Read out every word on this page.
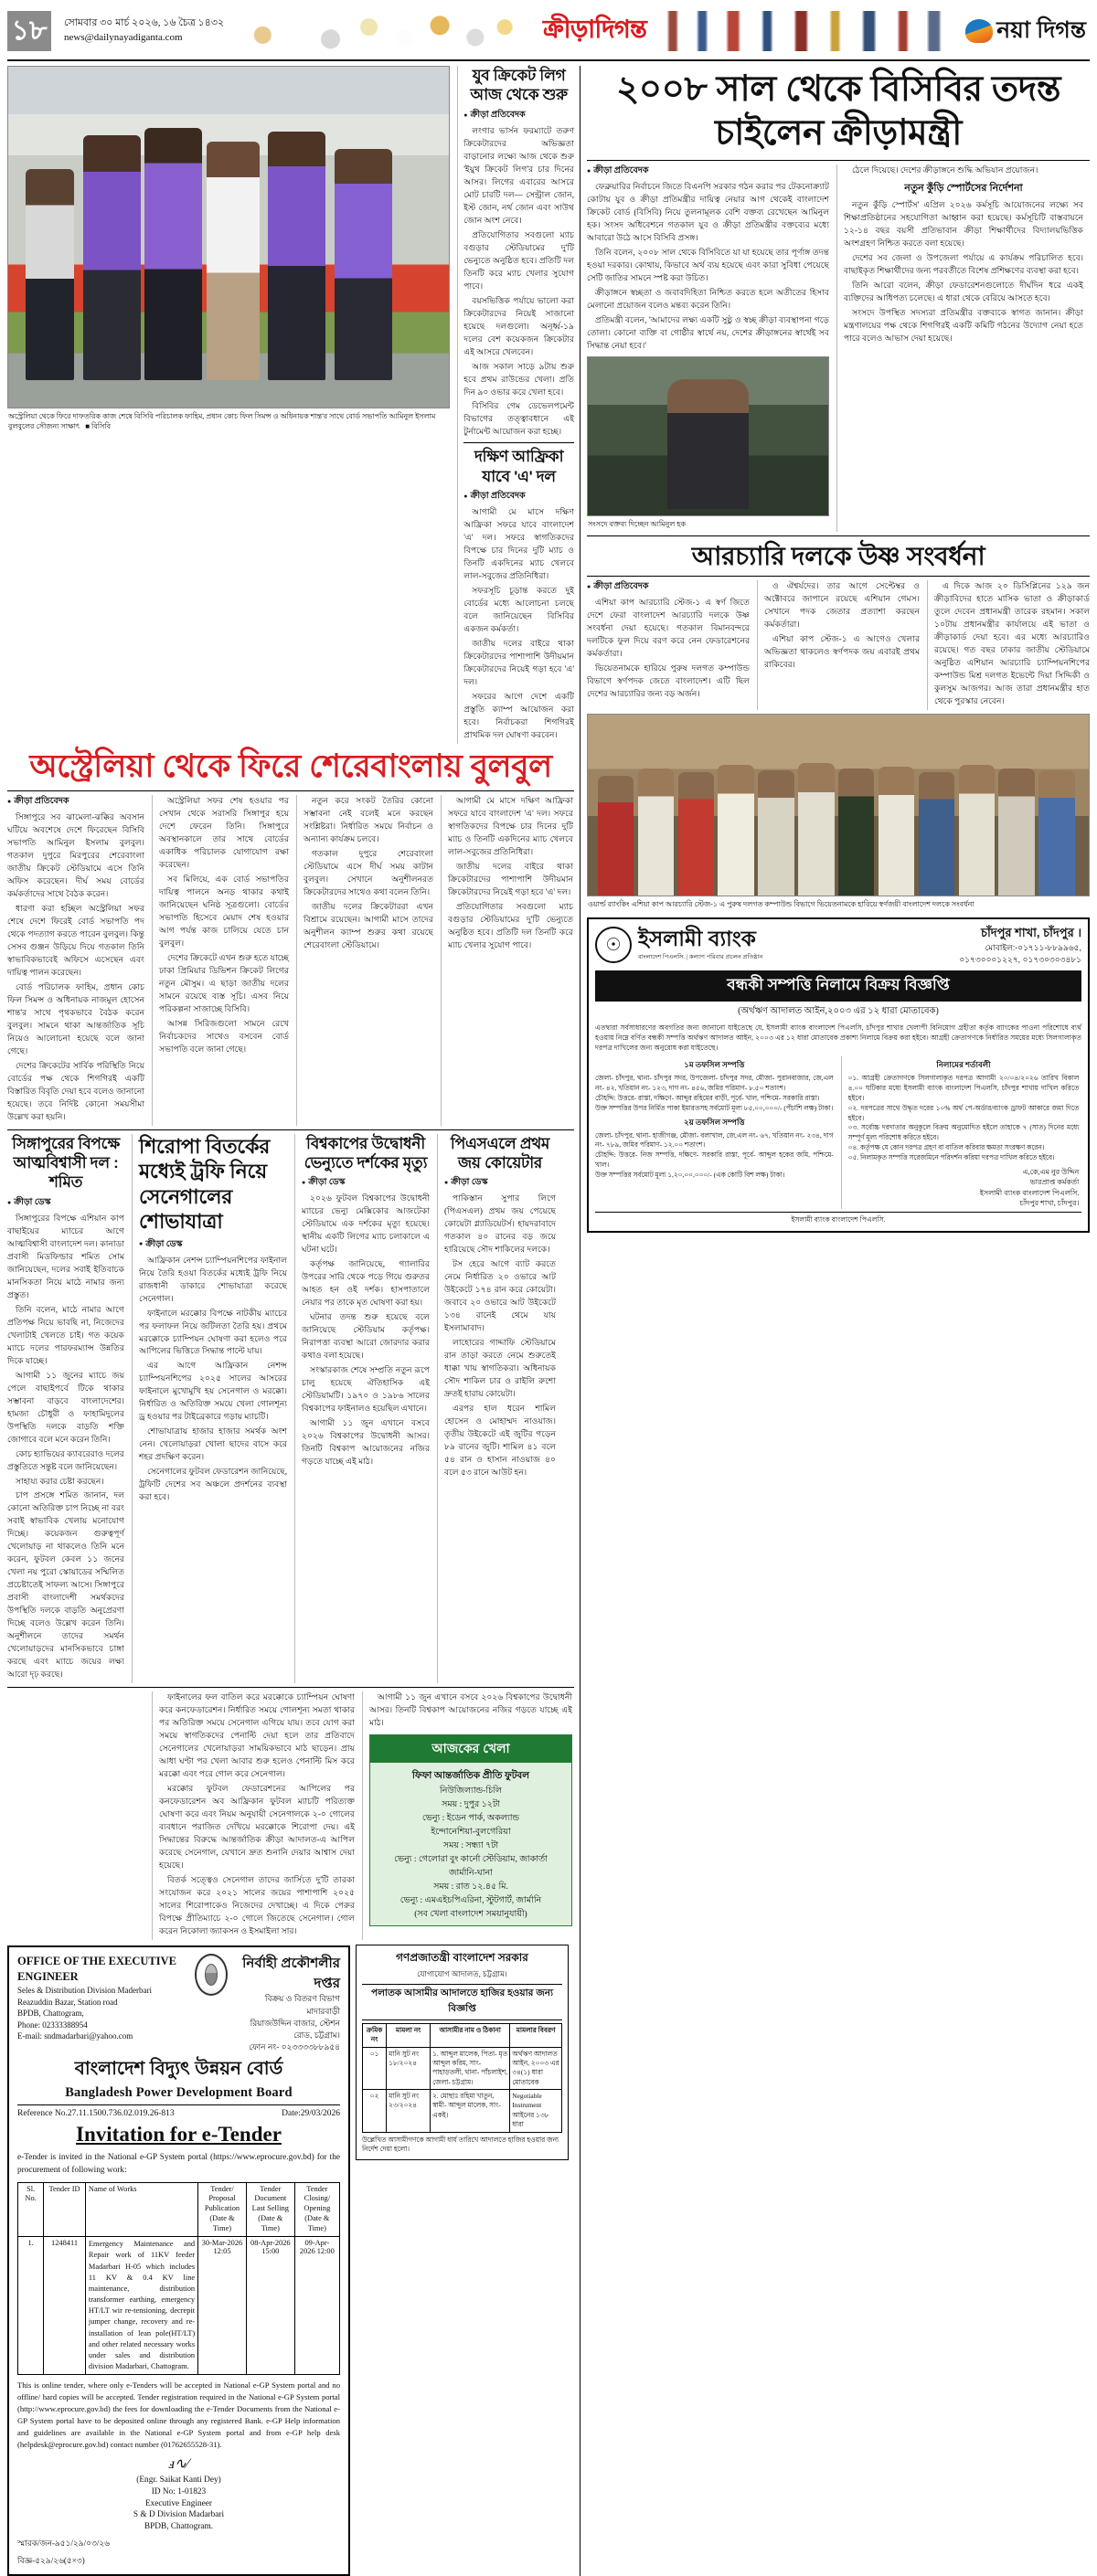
১৮	সোমবার ৩০ মার্চ ২০২৬, ১৬ চৈত্র ১৪৩২
news@dailynayadiganta.com	ক্রীড়াদিগন্ত	নয়া দিগন্ত
অস্ট্রেলিয়া থেকে ফিরে দাফতরিক কাজ শেষে বিসিবি পরিচালক ফাহিম, প্রধান কোচ ফিল সিমন্স ও অধিনায়ক শান্ত'র সাথে বোর্ড সভাপতি আমিনুল ইসলাম বুলবুলের সৌজন্য সাক্ষাৎ ■ বিসিবি
যুব ক্রিকেট লিগ আজ থেকে শুরু
● ক্রীড়া প্রতিবেদক

লংগার ভার্সন ফরম্যাটে তরুণ ক্রিকেটারদের অভিজ্ঞতা বাড়ানোর লক্ষ্যে আজ থেকে শুরু 'ইয়ুথ ক্রিকেট লিগ'র চার দিনের আসর। লিগের এবারের আসরে মোট চারটি দল— সেন্ট্রাল জোন, ইস্ট জোন, নর্থ জোন এবং সাউথ জোন অংশ নেবে।

প্রতিযোগিতার সবগুলো ম্যাচ বগুড়ার স্টেডিয়ামের দু'টি ভেন্যুতে অনুষ্ঠিত হবে। প্রতিটি দল তিনটি করে ম্যাচ খেলার সুযোগ পাবে।

বয়সভিত্তিক পর্যায়ে ভালো করা ক্রিকেটারদের নিয়েই সাজানো হয়েছে দলগুলো। অনূর্ধ্ব-১৯ দলের বেশ কয়েকজন ক্রিকেটার এই আসরে খেলবেন।

আজ সকাল সাড়ে ৯টায় শুরু হবে প্রথম রাউন্ডের খেলা। প্রতি দিন ৯০ ওভার করে খেলা হবে।

বিসিবির গেম ডেভেলপমেন্ট বিভাগের তত্ত্বাবধানে এই টুর্নামেন্ট আয়োজন করা হচ্ছে।

দক্ষিণ আফ্রিকা যাবে 'এ' দল
● ক্রীড়া প্রতিবেদক

আগামী মে মাসে দক্ষিণ আফ্রিকা সফরে যাবে বাংলাদেশ 'এ' দল। সফরে স্বাগতিকদের বিপক্ষে চার দিনের দুটি ম্যাচ ও তিনটি একদিনের ম্যাচ খেলবে লাল-সবুজের প্রতিনিধিরা।

সফরসূচি চূড়ান্ত করতে দুই বোর্ডের মধ্যে আলোচনা চলছে বলে জানিয়েছেন বিসিবির একজন কর্মকর্তা।

জাতীয় দলের বাইরে থাকা ক্রিকেটারদের পাশাপাশি উদীয়মান ক্রিকেটারদের নিয়েই গড়া হবে 'এ' দল।

সফরের আগে দেশে একটি প্রস্তুতি ক্যাম্প আয়োজন করা হবে। নির্বাচকরা শিগগিরই প্রাথমিক দল ঘোষণা করবেন।

অস্ট্রেলিয়া থেকে ফিরে শেরেবাংলায় বুলবুল
● ক্রীড়া প্রতিবেদক

সিঙ্গাপুরে সব ঝামেলা-ঝক্কির অবসান ঘটিয়ে অবশেষে দেশে ফিরেছেন বিসিবি সভাপতি আমিনুল ইসলাম বুলবুল। গতকাল দুপুরে মিরপুরের শেরেবাংলা জাতীয় ক্রিকেট স্টেডিয়ামে এসে তিনি অফিস করেছেন। দীর্ঘ সময় বোর্ডের কর্মকর্তাদের সাথে বৈঠক করেন।

ধারণা করা হচ্ছিল অস্ট্রেলিয়া সফর শেষে দেশে ফিরেই বোর্ড সভাপতি পদ থেকে পদত্যাগ করতে পারেন বুলবুল। কিন্তু সেসব গুঞ্জন উড়িয়ে দিয়ে গতকাল তিনি স্বাভাবিকভাবেই অফিসে এসেছেন এবং দায়িত্ব পালন করেছেন।

বোর্ড পরিচালক ফাহিম, প্রধান কোচ ফিল সিমন্স ও অধিনায়ক নাজমুল হোসেন শান্ত'র সাথে পৃথকভাবে বৈঠক করেন বুলবুল। সামনে থাকা আন্তর্জাতিক সূচি নিয়েও আলোচনা হয়েছে বলে জানা গেছে।

দেশের ক্রিকেটের সার্বিক পরিস্থিতি নিয়ে বোর্ডের পক্ষ থেকে শিগগিরই একটি বিস্তারিত বিবৃতি দেয়া হবে বলেও জানানো হয়েছে। তবে নির্দিষ্ট কোনো সময়সীমা উল্লেখ করা হয়নি।

অস্ট্রেলিয়া সফর শেষ হওয়ার পর সেখান থেকে সরাসরি সিঙ্গাপুর হয়ে দেশে ফেরেন তিনি। সিঙ্গাপুরে অবস্থানকালে তার সাথে বোর্ডের একাধিক পরিচালক যোগাযোগ রক্ষা করেছেন।

সব মিলিয়ে, এক বোর্ড সভাপতির দায়িত্ব পালনে অনড় থাকার কথাই জানিয়েছেন ঘনিষ্ঠ সূত্রগুলো। বোর্ডের সভাপতি হিসেবে মেয়াদ শেষ হওয়ার আগ পর্যন্ত কাজ চালিয়ে যেতে চান বুলবুল।

দেশের ক্রিকেটে এখন শুরু হতে যাচ্ছে ঢাকা প্রিমিয়ার ডিভিশন ক্রিকেট লিগের নতুন মৌসুম। এ ছাড়া জাতীয় দলের সামনে রয়েছে ব্যস্ত সূচি। এসব নিয়ে পরিকল্পনা সাজাচ্ছে বিসিবি।

আসন্ন সিরিজগুলো সামনে রেখে নির্বাচকদের সাথেও বসবেন বোর্ড সভাপতি বলে জানা গেছে।

নতুন করে সংকট তৈরির কোনো সম্ভাবনা নেই বলেই মনে করছেন সংশ্লিষ্টরা। নির্ধারিত সময়ে নির্বাচন ও অন্যান্য কার্যক্রম চলবে।

গতকাল দুপুরে শেরেবাংলা স্টেডিয়ামে এসে দীর্ঘ সময় কাটান বুলবুল। সেখানে অনুশীলনরত ক্রিকেটারদের সাথেও কথা বলেন তিনি।

জাতীয় দলের ক্রিকেটাররা এখন বিশ্রামে রয়েছেন। আগামী মাসে তাদের অনুশীলন ক্যাম্প শুরুর কথা রয়েছে শেরেবাংলা স্টেডিয়ামে।

আগামী মে মাসে দক্ষিণ আফ্রিকা সফরে যাবে বাংলাদেশ 'এ' দল। সফরে স্বাগতিকদের বিপক্ষে চার দিনের দুটি ম্যাচ ও তিনটি একদিনের ম্যাচ খেলবে লাল-সবুজের প্রতিনিধিরা।

জাতীয় দলের বাইরে থাকা ক্রিকেটারদের পাশাপাশি উদীয়মান ক্রিকেটারদের নিয়েই গড়া হবে 'এ' দল।

প্রতিযোগিতার সবগুলো ম্যাচ বগুড়ার স্টেডিয়ামের দু'টি ভেন্যুতে অনুষ্ঠিত হবে। প্রতিটি দল তিনটি করে ম্যাচ খেলার সুযোগ পাবে।

সিঙ্গাপুরের বিপক্ষে আত্মবিশ্বাসী দল : শমিত
● ক্রীড়া ডেস্ক

সিঙ্গাপুরের বিপক্ষে এশিয়ান কাপ বাছাইয়ের ম্যাচের আগে আত্মবিশ্বাসী বাংলাদেশ দল। কানাডা প্রবাসী মিডফিল্ডার শমিত সোম জানিয়েছেন, দলের সবাই ইতিবাচক মানসিকতা নিয়ে মাঠে নামার জন্য প্রস্তুত।

তিনি বলেন, মাঠে নামার আগে প্রতিপক্ষ নিয়ে ভাবছি না, নিজেদের খেলাটাই খেলতে চাই। গত কয়েক ম্যাচে দলের পারফরম্যান্স উন্নতির দিকে যাচ্ছে।

আগামী ১১ জুনের ম্যাচে জয় পেলে বাছাইপর্বে টিকে থাকার সম্ভাবনা বাড়বে বাংলাদেশের। হামজা চৌধুরী ও ফাহামিদুলের উপস্থিতি দলকে বাড়তি শক্তি জোগাবে বলে মনে করেন তিনি।

কোচ হ্যাভিয়ের ক্যাবরেরাও দলের প্রস্তুতিতে সন্তুষ্ট বলে জানিয়েছেন।

সাহায্য করার চেষ্টা করছেন।

চাপ প্রসঙ্গে শমিত জানান, দল কোনো অতিরিক্ত চাপ নিচ্ছে না বরং সবাই স্বাভাবিক খেলায় মনোযোগ দিচ্ছে। কয়েকজন গুরুত্বপূর্ণ খেলোয়াড় না থাকলেও তিনি মনে করেন, ফুটবল কেবল ১১ জনের খেলা নয় পুরো স্কোয়াডের সম্মিলিত প্রচেষ্টাতেই সাফল্য আসে। সিঙ্গাপুরে প্রবাসী বাংলাদেশী সমর্থকদের উপস্থিতি দলকে বাড়তি অনুপ্রেরণা দিচ্ছে বলেও উল্লেখ করেন তিনি। অনুশীলনে তাদের সমর্থন খেলোয়াড়দের মানসিকভাবে চাঙ্গা করছে এবং ম্যাচে জয়ের লক্ষ্য আরো দৃঢ় করছে।

শিরোপা বিতর্কের মধ্যেই ট্রফি নিয়ে সেনেগালের শোভাযাত্রা
● ক্রীড়া ডেস্ক

আফ্রিকান নেশন্স চ্যাম্পিয়নশিপের ফাইনাল নিয়ে তৈরি হওয়া বিতর্কের মধ্যেই ট্রফি নিয়ে রাজধানী ডাকারে শোভাযাত্রা করেছে সেনেগাল।

ফাইনালে মরক্কোর বিপক্ষে নাটকীয় ম্যাচের পর ফলাফল নিয়ে জটিলতা তৈরি হয়। প্রথমে মরক্কোকে চ্যাম্পিয়ন ঘোষণা করা হলেও পরে আপিলের ভিত্তিতে সিদ্ধান্ত পাল্টে যায়।

এর আগে আফ্রিকান নেশন্স চ্যাম্পিয়নশিপের ২০২৫ সালের আসরের ফাইনালে মুখোমুখি হয় সেনেগাল ও মরক্কো। নির্ধারিত ও অতিরিক্ত সময়ে খেলা গোলশূন্য ড্র হওয়ার পর টাইব্রেকারে গড়ায় ম্যাচটি।

শোভাযাত্রায় হাজার হাজার সমর্থক অংশ নেন। খেলোয়াড়রা খোলা ছাদের বাসে করে শহর প্রদক্ষিণ করেন।

সেনেগালের ফুটবল ফেডারেশন জানিয়েছে, ট্রফিটি দেশের সব অঞ্চলে প্রদর্শনের ব্যবস্থা করা হবে।

বিশ্বকাপের উদ্বোধনী ভেন্যুতে দর্শকের মৃত্যু
● ক্রীড়া ডেস্ক

২০২৬ ফুটবল বিশ্বকাপের উদ্বোধনী ম্যাচের ভেন্যু মেক্সিকোর আজটেকা স্টেডিয়ামে এক দর্শকের মৃত্যু হয়েছে। স্থানীয় একটি লিগের ম্যাচ চলাকালে এ ঘটনা ঘটে।

কর্তৃপক্ষ জানিয়েছে, গ্যালারির উপরের সারি থেকে পড়ে গিয়ে গুরুতর আহত হন ওই দর্শক। হাসপাতালে নেয়ার পর তাকে মৃত ঘোষণা করা হয়।

ঘটনার তদন্ত শুরু হয়েছে বলে জানিয়েছে স্টেডিয়াম কর্তৃপক্ষ। নিরাপত্তা ব্যবস্থা আরো জোরদার করার কথাও বলা হয়েছে।

সংস্কারকাজ শেষে সম্প্রতি নতুন রূপে চালু হয়েছে ঐতিহাসিক এই স্টেডিয়ামটি। ১৯৭০ ও ১৯৮৬ সালের বিশ্বকাপের ফাইনালও হয়েছিল এখানে।

আগামী ১১ জুন এখানে বসবে ২০২৬ বিশ্বকাপের উদ্বোধনী আসর। তিনটি বিশ্বকাপ আয়োজনের নজির গড়তে যাচ্ছে এই মাঠ।

পিএসএলে প্রথম জয় কোয়েটার
● ক্রীড়া ডেস্ক

পাকিস্তান সুপার লিগে (পিএসএল) প্রথম জয় পেয়েছে কোয়েটা গ্ল্যাডিয়েটর্স। হায়দরাবাদে গতকাল ৪০ রানের বড় জয়ে হারিয়েছে সৌদ শাকিলের দলকে।

টস হেরে আগে ব্যাট করতে নেমে নির্ধারিত ২০ ওভারে আট উইকেটে ১৭৪ রান করে কোয়েটা। জবাবে ২০ ওভারে আট উইকেটে ১৩৪ রানেই থেমে যায় ইসলামাবাদ।

লাহোরের গাদ্দাফি স্টেডিয়ামে রান তাড়া করতে নেমে শুরুতেই ধাক্কা খায় স্বাগতিকরা। অধিনায়ক সৌদ শাকিল চার ও রাইলি রুশো দ্রুতই হারায় কোয়েটা।

এরপর হাল ধরেন শামিল হোসেন ও মোহাম্মদ নাওয়াজ। তৃতীয় উইকেটে এই জুটির গড়েন ৮৯ রানের জুটি। শামিল ৪১ বলে ৫৪ রান ও হাসান নাওয়াজ ৪০ বলে ৫৩ রানে আউট হন।

ফাইনালের ফল বাতিল করে মরক্কোকে চ্যাম্পিয়ন ঘোষণা করে কনফেডারেশন। নির্ধারিত সময়ে গোলশূন্য সমতা থাকার পর অতিরিক্ত সময়ে সেনেগাল এগিয়ে যায়। তবে যোগ করা সময়ে স্বাগতিকদের পেনাল্টি দেয়া হলে তার প্রতিবাদে সেনেগালের খেলোয়াড়রা সাময়িকভাবে মাঠ ছাড়েন। প্রায় আধা ঘণ্টা পর খেলা আবার শুরু হলেও পেনাল্টি মিস করে মরক্কো এবং পরে গোল করে সেনেগাল।

মরক্কোর ফুটবল ফেডারেশনের আপিলের পর কনফেডারেশন অব আফ্রিকান ফুটবল ম্যাচটি পরিত্যক্ত ঘোষণা করে এবং নিয়ম অনুযায়ী সেনেগালকে ২-০ গোলের ব্যবধানে পরাজিত দেখিয়ে মরক্কোকে শিরোপা দেয়। এই সিদ্ধান্তের বিরুদ্ধে আন্তর্জাতিক ক্রীড়া আদালত-এ আপিল করেছে সেনেগাল, যেখানে দ্রুত শুনানি দেয়ার আশ্বাস দেয়া হয়েছে।

বিতর্ক সত্ত্বেও সেনেগাল তাদের জার্সিতে দু'টি তারকা সংযোজন করে ২০২১ সালের জয়ের পাশাপাশি ২০২৫ সালের শিরোপাকেও নিজেদের দেখাচ্ছে। এ দিকে পেরুর বিপক্ষে প্রীতিম্যাচে ২-০ গোলে জিতেছে সেনেগাল। গোল করেন নিকোলা জ্যাকসন ও ইসমাইলা সার।

আগামী ১১ জুন এখানে বসবে ২০২৬ বিশ্বকাপের উদ্বোধনী আসর। তিনটি বিশ্বকাপ আয়োজনের নজির গড়তে যাচ্ছে এই মাঠ।

আজকের খেলা
ফিফা আন্তর্জাতিক প্রীতি ফুটবল
নিউজিল্যান্ড-চিলি
সময় : দুপুর ১২টা
ভেন্যু : ইডেন পার্ক, অকল্যান্ড
ইন্দোনেশিয়া-বুলগেরিয়া
সময় : সন্ধ্যা ৭টা
ভেন্যু : গেলোরা বুং কার্নো স্টেডিয়াম, জাকার্তা
জার্মানি-ঘানা
সময় : রাত ১২.৪৫ মি.
ভেন্যু : এমএইচপিএরিনা, স্টুটগার্ট, জার্মানি
(সব খেলা বাংলাদেশ সময়ানুযায়ী)
OFFICE OF THE EXECUTIVE ENGINEER
Seles & Distribution Division Maderbari
Reazuddin Bazar, Station road
BPDB, Chattogram,
Phone: 02333388954
E-mail: sndmadarbari@yahoo.com
নির্বাহী প্রকৌশলীর দপ্তর
বিক্রয় ও বিতরণ বিভাগ মাদারবাড়ী
রিয়াজউদ্দিন বাজার, স্টেশন রোড, চট্টগ্রাম।
ফোন নং- ০২৩৩৩৩৮৮৯৫৪
বাংলাদেশ বিদ্যুৎ উন্নয়ন বোর্ড
Bangladesh Power Development Board
Reference No.27.11.1500.736.02.019.26-813	Date:29/03/2026
Invitation for e-Tender
e-Tender is invited in the National e-GP System portal (https://www.eprocure.gov.bd) for the procurement of following work:
Sl. No.	Tender ID	Name of Works	Tender/ Proposal Publication (Date & Time)	Tender Document Last Selling (Date & Time)	Tender Closing/ Opening (Date & Time)
1.	1248411	Emergency Maintenance and Repair work of 11KV feeder Madarbari H-05 which includes 11 KV & 0.4 KV line maintenance, distribution transformer earthing, emergency HT/LT wir re-tensioning, decrepit jumper change, recovery and re-installation of lean pole(HT/LT) and other related necessary works under sales and distribution division Madarbari, Chattogram.	30-Mar-2026 12:05	08-Apr-2026 15:00	09-Apr-2026 12:00
This is online tender, where only e-Tenders will be accepted in National e-GP System portal and no offline/ hard copies will be accepted. Tender registration required in the National e-GP System portal (http://www.eprocure.gov.bd) the fees for downloading the e-Tender Documents from the National e-GP System portal have to be deposited online through any registered Bank. e-GP Help information and guidelines are available in the National e-GP System portal and from e-GP help desk (helpdesk@eprocure.gov.bd) contact number (01762655528-31).
ⅎ∿⁄
(Engr. Saikat Kanti Dey)
ID No: 1-01823
Executive Engineer
S & D Division Madarbari
BPDB, Chattogram.
স্মারক/জন-৯৫১/২৯/০৩/২৬
বিজ্ঞ-৫২৯/২৬(৫×৩)
গণপ্রজাতন্ত্রী বাংলাদেশ সরকার
যোগাযোগ আদালত, চট্টগ্রাম।
পলাতক আসামীর আদালতে হাজির হওয়ার জন্য বিজ্ঞপ্তি
ক্রমিক নং	মামলা নং	আসামীর নাম ও ঠিকানা	মামলার বিবরণ
০১	মানি সুট নং ১৮/২০২৪	১. আব্দুল মালেক, পিতা- মৃত আব্দুল করিম, সাং- পাহাড়তলী, থানা- পাঁচলাইশ, জেলা- চট্টগ্রাম।	অর্থঋণ আদালত আইন, ২০০৩ এর ৩৪(১) ধারা মোতাবেক
০২	মানি সুট নং ২৩/২০২৪	২. মোছাঃ রহিমা খাতুন, স্বামী- আব্দুল মালেক, সাং- একই।	Negotiable Instrument আইনের ১৩৮ ধারা
উল্লেখিত আসামীগণকে আগামী ধার্য তারিখে আদালতে হাজির হওয়ার জন্য নির্দেশ দেয়া হলো।
২০০৮ সাল থেকে বিসিবির তদন্ত চাইলেন ক্রীড়ামন্ত্রী
● ক্রীড়া প্রতিবেদক

ফেব্রুয়ারির নির্বাচনে জিতে বিএনপি সরকার গঠন করার পর টেকনোক্র্যাট কোটায় যুব ও ক্রীড়া প্রতিমন্ত্রীর দায়িত্ব নেয়ার আগ থেকেই বাংলাদেশ ক্রিকেট বোর্ড (বিসিবি) নিয়ে তুলনামূলক বেশি বক্তব্য রেখেছেন আমিনুল হক। সংসদ অধিবেশনে গতকাল যুব ও ক্রীড়া প্রতিমন্ত্রীর বক্তব্যের মধ্যে আবারো উঠে আসে বিসিবি প্রসঙ্গ।

তিনি বলেন, ২০০৮ সাল থেকে বিসিবিতে যা যা হয়েছে তার পূর্ণাঙ্গ তদন্ত হওয়া দরকার। কোথায়, কিভাবে অর্থ ব্যয় হয়েছে এবং কারা সুবিধা পেয়েছে সেটি জাতির সামনে স্পষ্ট করা উচিত।

ক্রীড়াঙ্গনে স্বচ্ছতা ও জবাবদিহিতা নিশ্চিত করতে হলে অতীতের হিসাব মেলানো প্রয়োজন বলেও মন্তব্য করেন তিনি।

প্রতিমন্ত্রী বলেন, 'আমাদের লক্ষ্য একটি সুষ্ঠু ও স্বচ্ছ ক্রীড়া ব্যবস্থাপনা গড়ে তোলা। কোনো ব্যক্তি বা গোষ্ঠীর স্বার্থে নয়, দেশের ক্রীড়াঙ্গনের স্বার্থেই সব সিদ্ধান্ত নেয়া হবে।'

সংসদে বক্তব্য দিচ্ছেন আমিনুল হক

ঠেলে দিয়েছে। দেশের ক্রীড়াঙ্গনে শুদ্ধি অভিযান প্রয়োজন।

নতুন কুঁড়ি স্পোর্টসের নির্দেশনা

নতুন কুঁড়ি স্পোর্টস' এপ্রিল ২০২৬ কর্মসূচি আয়োজনের লক্ষ্যে সব শিক্ষাপ্রতিষ্ঠানের সহযোগিতা আহ্বান করা হয়েছে। কর্মসূচিটি বাস্তবায়নে ১২-১৪ বছর বয়সী প্রতিভাবান ক্রীড়া শিক্ষার্থীদের বিদ্যালয়ভিত্তিক অংশগ্রহণ নিশ্চিত করতে বলা হয়েছে।

দেশের সব জেলা ও উপজেলা পর্যায়ে এ কার্যক্রম পরিচালিত হবে। বাছাইকৃত শিক্ষার্থীদের জন্য পরবর্তীতে বিশেষ প্রশিক্ষণের ব্যবস্থা করা হবে।

তিনি আরো বলেন, ক্রীড়া ফেডারেশনগুলোতে দীর্ঘদিন ধরে একই ব্যক্তিদের আধিপত্য চলেছে। এ ধারা থেকে বেরিয়ে আসতে হবে।

সংসদে উপস্থিত সদস্যরা প্রতিমন্ত্রীর বক্তব্যকে স্বাগত জানান। ক্রীড়া মন্ত্রণালয়ের পক্ষ থেকে শিগগিরই একটি কমিটি গঠনের উদ্যোগ নেয়া হতে পারে বলেও আভাস দেয়া হয়েছে।

আরচ্যারি দলকে উষ্ণ সংবর্ধনা
● ক্রীড়া প্রতিবেদক

এশিয়া কাপ আরচ্যারি স্টেজ-১ এ স্বর্ণ জিতে দেশে ফেরা বাংলাদেশ আরচ্যারি দলকে উষ্ণ সংবর্ধনা দেয়া হয়েছে। গতকাল বিমানবন্দরে দলটিকে ফুল দিয়ে বরণ করে নেন ফেডারেশনের কর্মকর্তারা।

ভিয়েতনামকে হারিয়ে পুরুষ দলগত কম্পাউন্ড বিভাগে স্বর্ণপদক জেতে বাংলাদেশ। এটি ছিল দেশের আরচ্যারির জন্য বড় অর্জন।

ও ঐশ্বর্যদের। তার আগে সেপ্টেম্বর ও অক্টোবরে জাপানে রয়েছে এশিয়ান গেমস। সেখানে পদক জেতার প্রত্যাশা করছেন কর্মকর্তারা।

এশিয়া কাপ স্টেজ-১ এ আগেও খেলার অভিজ্ঞতা থাকলেও স্বর্ণপদক জয় এবারই প্রথম রাকিবের।

এ দিকে আজ ২০ ডিসিপ্লিনের ১২৯ জন ক্রীড়াবিদের হাতে মাসিক ভাতা ও ক্রীড়াকার্ড তুলে দেবেন প্রধানমন্ত্রী তারেক রহমান। সকাল ১০টায় প্রধানমন্ত্রীর কার্যালয়ে এই ভাতা ও ক্রীড়াকার্ড দেয়া হবে। এর মধ্যে আরচ্যারিও রয়েছে। গত বছর ঢাকার জাতীয় স্টেডিয়ামে অনুষ্ঠিত এশিয়ান আরচ্যারি চ্যাম্পিয়নশিপের কম্পাউন্ড মিশ্র দলগত ইভেন্টে দিয়া সিদ্দিকী ও কুলসুম আজগর। আজ তারা প্রধানমন্ত্রীর হাত থেকে পুরস্কার নেবেন।

ওয়ার্ল্ড র‌্যাংকিং এশিয়া কাপ আরচ্যারি স্টেজ-১ এ পুরুষ দলগত কম্পাউন্ড বিভাগে ভিয়েতনামকে হারিয়ে স্বর্ণজয়ী বাংলাদেশ দলকে সংবর্ধনা
☉ ইসলামী ব্যাংক
বাংলাদেশ পিএলসি. | কল্যাণ পরিবার প্রচলন প্রতিষ্ঠান
চাঁদপুর শাখা, চাঁদপুর ।
মোবাইল:-০১৭১১-৮৮৯৯৬৫,
০১৭৩০০০১২২৭, ০১৭৩০৩০৩৪৮১
বন্ধকী সম্পত্তি নিলামে বিক্রয় বিজ্ঞপ্তি
(অর্থঋণ আদালত আইন,২০০৩ এর ১২ ধারা মোতাবেক)
এতদ্বারা সর্বসাধারণের অবগতির জন্য জানানো যাইতেছে যে, ইসলামী ব্যাংক বাংলাদেশ পিএলসি, চাঁদপুর শাখার খেলাপী বিনিয়োগ গ্রহীতা কর্তৃক ব্যাংকের পাওনা পরিশোধে ব্যর্থ হওয়ায় নিম্নে বর্ণিত বন্ধকী সম্পত্তি অর্থঋণ আদালত আইন, ২০০৩ এর ১২ ধারা মোতাবেক প্রকাশ্য নিলামে বিক্রয় করা হইবে। আগ্রহী ক্রেতাগণকে নির্ধারিত সময়ের মধ্যে সিলগালাকৃত দরপত্র দাখিলের জন্য অনুরোধ করা যাইতেছে।
১ম তফসিল সম্পত্তি

জেলা- চাঁদপুর, থানা- চাঁদপুর সদর, উপজেলা- চাঁদপুর সদর, মৌজা- পুরানবাজার, জে,এল নং- ৪২, খতিয়ান নং- ১২৩, দাগ নং- ৪৫৬, জমির পরিমাণ- ৮.৫০ শতাংশ।

চৌহদ্দি: উত্তরে- রাস্তা, দক্ষিণে- আব্দুর রহিমের বাড়ী, পূর্বে- খাল, পশ্চিমে- সরকারি রাস্তা।

উক্ত সম্পত্তির উপর নির্মিত পাকা ইমারতসহ সর্বমোট মূল্য ৮৫,০০,০০০/- (পঁচাশি লক্ষ) টাকা।

২য় তফসিল সম্পত্তি

জেলা- চাঁদপুর, থানা- হাজীগঞ্জ, মৌজা- বলাখাল, জে,এল নং- ৬৭, খতিয়ান নং- ২৩৪, দাগ নং- ৭৮৯, জমির পরিমাণ- ১২.০০ শতাংশ।

চৌহদ্দি: উত্তরে- নিজ সম্পত্তি, দক্ষিণে- সরকারি রাস্তা, পূর্বে- আব্দুল হকের জমি, পশ্চিমে- খাল।

উক্ত সম্পত্তির সর্বমোট মূল্য ১,২০,০০,০০০/- (এক কোটি বিশ লক্ষ) টাকা।

নিলামের শর্তাবলী

০১. আগ্রহী ক্রেতাগণকে সিলগালাকৃত দরপত্র আগামী ২০/০৪/২০২৬ তারিখ বিকাল ৪.০০ ঘটিকার মধ্যে ইসলামী ব্যাংক বাংলাদেশ পিএলসি, চাঁদপুর শাখায় দাখিল করিতে হইবে।

০২. দরপত্রের সাথে উদ্ধৃত দরের ১০% অর্থ পে-অর্ডার/ব্যাংক ড্রাফট আকারে জমা দিতে হইবে।

০৩. সর্বোচ্চ দরদাতার অনুকূলে বিক্রয় অনুমোদিত হইলে তাহাকে ৭ (সাত) দিনের মধ্যে সম্পূর্ণ মূল্য পরিশোধ করিতে হইবে।

০৪. কর্তৃপক্ষ যে কোন দরপত্র গ্রহণ বা বাতিল করিবার ক্ষমতা সংরক্ষণ করেন।

০৫. নিলামকৃত সম্পত্তি সরেজমিনে পরিদর্শন করিয়া দরপত্র দাখিল করিতে হইবে।

এ,কে,এম নুর উদ্দিন
ভারপ্রাপ্ত কর্মকর্তা
ইসলামী ব্যাংক বাংলাদেশ পিএলসি.
চাঁদপুর শাখা, চাঁদপুর।
ইসলামী ব্যাংক বাংলাদেশ পিএলসি.
